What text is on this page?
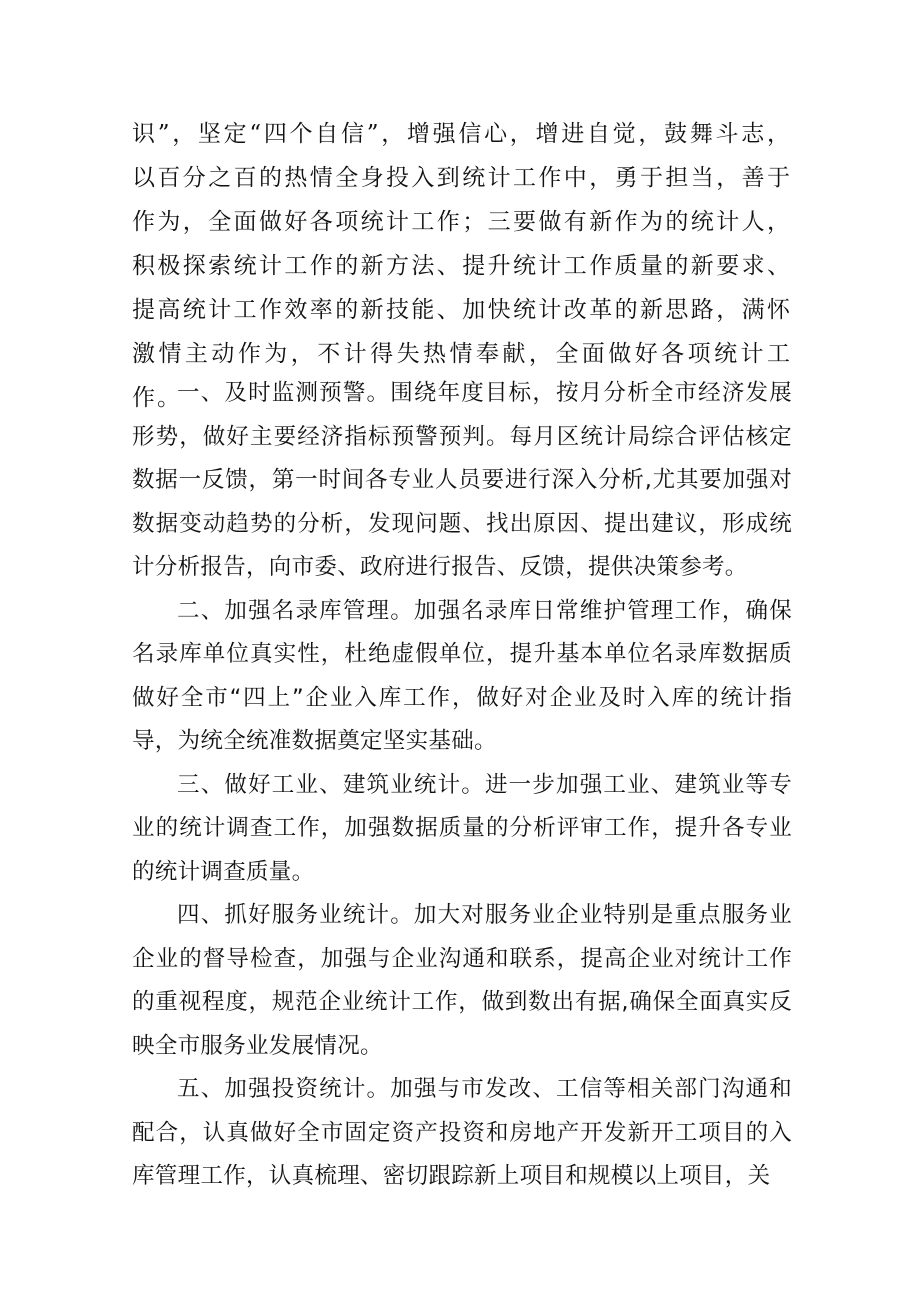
识”，坚定“四个自信”，增强信心，增进自觉，鼓舞斗志，以百分之百的热情全身投入到统计工作中，勇于担当，善于作为，全面做好各项统计工作；三要做有新作为的统计人，积极探索统计工作的新方法、提升统计工作质量的新要求、提高统计工作效率的新技能、加快统计改革的新思路，满怀激情主动作为，不计得失热情奉献，全面做好各项统计工作。

一、及时监测预警。围绕年度目标，按月分析全市经济发展形势，做好主要经济指标预警预判。每月区统计局综合评估核定数据一反馈，第一时间各专业人员要进行深入分析,尤其要加强对数据变动趋势的分析，发现问题、找出原因、提出建议，形成统计分析报告，向市委、政府进行报告、反馈，提供决策参考。

二、加强名录库管理。加强名录库日常维护管理工作，确保名录库单位真实性，杜绝虚假单位，提升基本单位名录库数据质做好全市“四上”企业入库工作，做好对企业及时入库的统计指导，为统全统准数据奠定坚实基础。

三、做好工业、建筑业统计。进一步加强工业、建筑业等专业的统计调查工作，加强数据质量的分析评审工作，提升各专业的统计调查质量。

四、抓好服务业统计。加大对服务业企业特别是重点服务业企业的督导检查，加强与企业沟通和联系，提高企业对统计工作的重视程度，规范企业统计工作，做到数出有据,确保全面真实反映全市服务业发展情况。

五、加强投资统计。加强与市发改、工信等相关部门沟通和配合，认真做好全市固定资产投资和房地产开发新开工项目的入库管理工作，认真梳理、密切跟踪新上项目和规模以上项目，关
